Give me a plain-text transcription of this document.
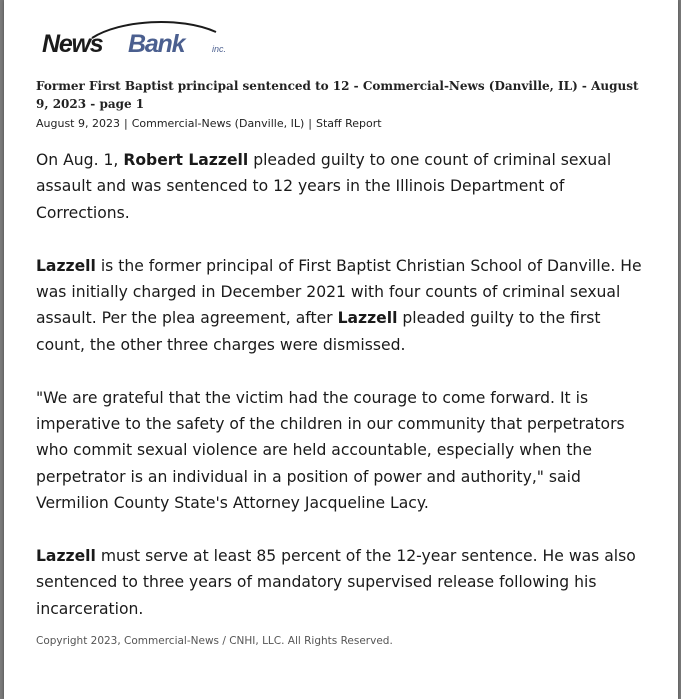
News Bank	inc.
Former First Baptist principal sentenced to 12 - Commercial-News (Danville, IL) - August 9, 2023 - page 1
August 9, 2023 | Commercial-News (Danville, IL) | Staff Report

On Aug. 1, Robert Lazzell pleaded guilty to one count of criminal sexual assault and was sentenced to 12 years in the Illinois Department of Corrections.

Lazzell is the former principal of First Baptist Christian School of Danville. He was initially charged in December 2021 with four counts of criminal sexual assault. Per the plea agreement, after Lazzell pleaded guilty to the first count, the other three charges were dismissed.

"We are grateful that the victim had the courage to come forward. It is imperative to the safety of the children in our community that perpetrators who commit sexual violence are held accountable, especially when the perpetrator is an individual in a position of power and authority," said Vermilion County State's Attorney Jacqueline Lacy.

Lazzell must serve at least 85 percent of the 12-year sentence. He was also sentenced to three years of mandatory supervised release following his incarceration.

Copyright 2023, Commercial-News / CNHI, LLC. All Rights Reserved.
